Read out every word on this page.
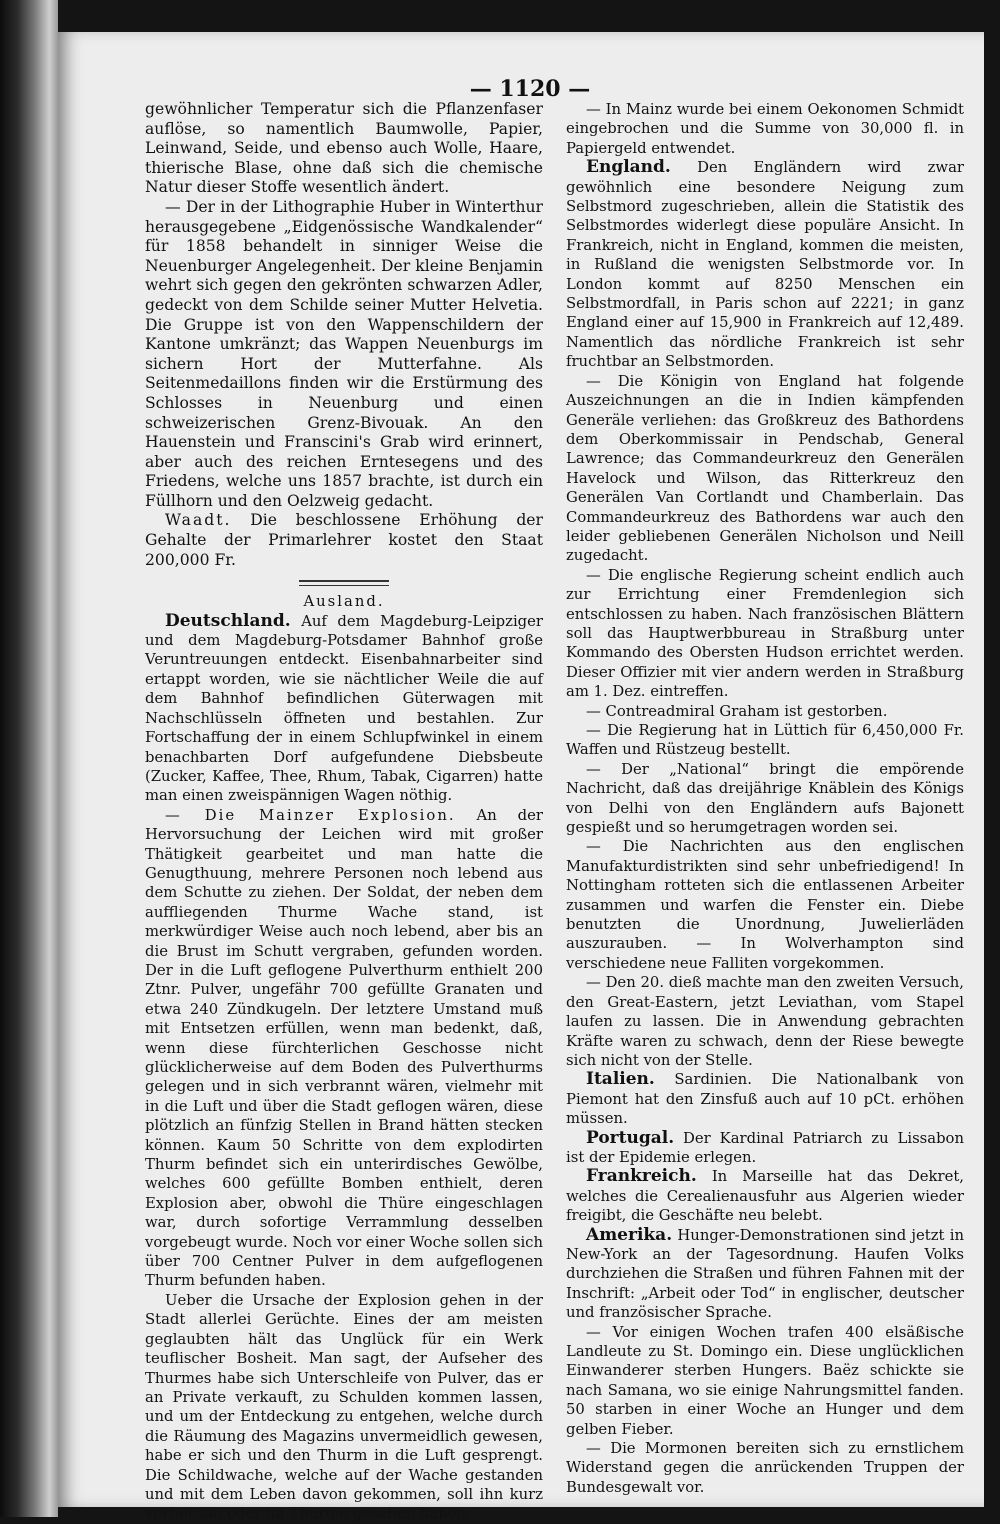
— 1120 —

gewöhnlicher Temperatur sich die Pflanzenfaser auflöse, so namentlich Baumwolle, Papier, Leinwand, Seide, und ebenso auch Wolle, Haare, thierische Blase, ohne daß sich die chemische Natur dieser Stoffe wesentlich ändert.

— Der in der Lithographie Huber in Winterthur herausgegebene „Eidgenössische Wandkalender“ für 1858 behandelt in sinniger Weise die Neuenburger Angelegenheit. Der kleine Benjamin wehrt sich gegen den gekrönten schwarzen Adler, gedeckt von dem Schilde seiner Mutter Helvetia. Die Gruppe ist von den Wappenschildern der Kantone umkränzt; das Wappen Neuenburgs im sichern Hort der Mutterfahne. Als Seitenmedaillons finden wir die Erstürmung des Schlosses in Neuenburg und einen schweizerischen Grenz-Bivouak. An den Hauenstein und Franscini's Grab wird erinnert, aber auch des reichen Erntesegens und des Friedens, welche uns 1857 brachte, ist durch ein Füllhorn und den Oelzweig gedacht.

Waadt. Die beschlossene Erhöhung der Gehalte der Primarlehrer kostet den Staat 200,000 Fr.

Ausland.

Deutschland. Auf dem Magdeburg-Leipziger und dem Magdeburg-Potsdamer Bahnhof große Veruntreuungen entdeckt. Eisenbahnarbeiter sind ertappt worden, wie sie nächtlicher Weile die auf dem Bahnhof befindlichen Güterwagen mit Nachschlüsseln öffneten und bestahlen. Zur Fortschaffung der in einem Schlupfwinkel in einem benachbarten Dorf aufgefundene Diebsbeute (Zucker, Kaffee, Thee, Rhum, Tabak, Cigarren) hatte man einen zweispännigen Wagen nöthig.

— Die Mainzer Explosion. An der Hervorsuchung der Leichen wird mit großer Thätigkeit gearbeitet und man hatte die Genugthuung, mehrere Personen noch lebend aus dem Schutte zu ziehen. Der Soldat, der neben dem auffliegenden Thurme Wache stand, ist merkwürdiger Weise auch noch lebend, aber bis an die Brust im Schutt vergraben, gefunden worden. Der in die Luft geflogene Pulverthurm enthielt 200 Ztnr. Pulver, ungefähr 700 gefüllte Granaten und etwa 240 Zündkugeln. Der letztere Umstand muß mit Entsetzen erfüllen, wenn man bedenkt, daß, wenn diese fürchterlichen Geschosse nicht glücklicherweise auf dem Boden des Pulverthurms gelegen und in sich verbrannt wären, vielmehr mit in die Luft und über die Stadt geflogen wären, diese plötzlich an fünfzig Stellen in Brand hätten stecken können. Kaum 50 Schritte von dem explodirten Thurm befindet sich ein unterirdisches Gewölbe, welches 600 gefüllte Bomben enthielt, deren Explosion aber, obwohl die Thüre eingeschlagen war, durch sofortige Verrammlung desselben vorgebeugt wurde. Noch vor einer Woche sollen sich über 700 Centner Pulver in dem aufgeflogenen Thurm befunden haben.

Ueber die Ursache der Explosion gehen in der Stadt allerlei Gerüchte. Eines der am meisten geglaubten hält das Unglück für ein Werk teuflischer Bosheit. Man sagt, der Aufseher des Thurmes habe sich Unterschleife von Pulver, das er an Private verkauft, zu Schulden kommen lassen, und um der Entdeckung zu entgehen, welche durch die Räumung des Magazins unvermeidlich gewesen, habe er sich und den Thurm in die Luft gesprengt. Die Schildwache, welche auf der Wache gestanden und mit dem Leben davon gekommen, soll ihn kurz vorher am oder im Thurme gesehen haben.

— In Mainz wurde bei einem Oekonomen Schmidt eingebrochen und die Summe von 30,000 fl. in Papiergeld entwendet.

England. Den Engländern wird zwar gewöhnlich eine besondere Neigung zum Selbstmord zugeschrieben, allein die Statistik des Selbstmordes widerlegt diese populäre Ansicht. In Frankreich, nicht in England, kommen die meisten, in Rußland die wenigsten Selbstmorde vor. In London kommt auf 8250 Menschen ein Selbstmordfall, in Paris schon auf 2221; in ganz England einer auf 15,900 in Frankreich auf 12,489. Namentlich das nördliche Frankreich ist sehr fruchtbar an Selbstmorden.

— Die Königin von England hat folgende Auszeichnungen an die in Indien kämpfenden Generäle verliehen: das Großkreuz des Bathordens dem Oberkommissair in Pendschab, General Lawrence; das Commandeurkreuz den Generälen Havelock und Wilson, das Ritterkreuz den Generälen Van Cortlandt und Chamberlain. Das Commandeurkreuz des Bathordens war auch den leider gebliebenen Generälen Nicholson und Neill zugedacht.

— Die englische Regierung scheint endlich auch zur Errichtung einer Fremdenlegion sich entschlossen zu haben. Nach französischen Blättern soll das Hauptwerbbureau in Straßburg unter Kommando des Obersten Hudson errichtet werden. Dieser Offizier mit vier andern werden in Straßburg am 1. Dez. eintreffen.

— Contreadmiral Graham ist gestorben.

— Die Regierung hat in Lüttich für 6,450,000 Fr. Waffen und Rüstzeug bestellt.

— Der „National“ bringt die empörende Nachricht, daß das dreijährige Knäblein des Königs von Delhi von den Engländern aufs Bajonett gespießt und so herumgetragen worden sei.

— Die Nachrichten aus den englischen Manufakturdistrikten sind sehr unbefriedigend! In Nottingham rotteten sich die entlassenen Arbeiter zusammen und warfen die Fenster ein. Diebe benutzten die Unordnung, Juwelierläden auszurauben. — In Wolverhampton sind verschiedene neue Falliten vorgekommen.

— Den 20. dieß machte man den zweiten Versuch, den Great-Eastern, jetzt Leviathan, vom Stapel laufen zu lassen. Die in Anwendung gebrachten Kräfte waren zu schwach, denn der Riese bewegte sich nicht von der Stelle.

Italien. Sardinien. Die Nationalbank von Piemont hat den Zinsfuß auch auf 10 pCt. erhöhen müssen.

Portugal. Der Kardinal Patriarch zu Lissabon ist der Epidemie erlegen.

Frankreich. In Marseille hat das Dekret, welches die Cerealienausfuhr aus Algerien wieder freigibt, die Geschäfte neu belebt.

Amerika. Hunger-Demonstrationen sind jetzt in New-York an der Tagesordnung. Haufen Volks durchziehen die Straßen und führen Fahnen mit der Inschrift: „Arbeit oder Tod“ in englischer, deutscher und französischer Sprache.

— Vor einigen Wochen trafen 400 elsäßische Landleute zu St. Domingo ein. Diese unglücklichen Einwanderer sterben Hungers. Baëz schickte sie nach Samana, wo sie einige Nahrungsmittel fanden. 50 starben in einer Woche an Hunger und dem gelben Fieber.

— Die Mormonen bereiten sich zu ernstlichem Widerstand gegen die anrückenden Truppen der Bundesgewalt vor.
